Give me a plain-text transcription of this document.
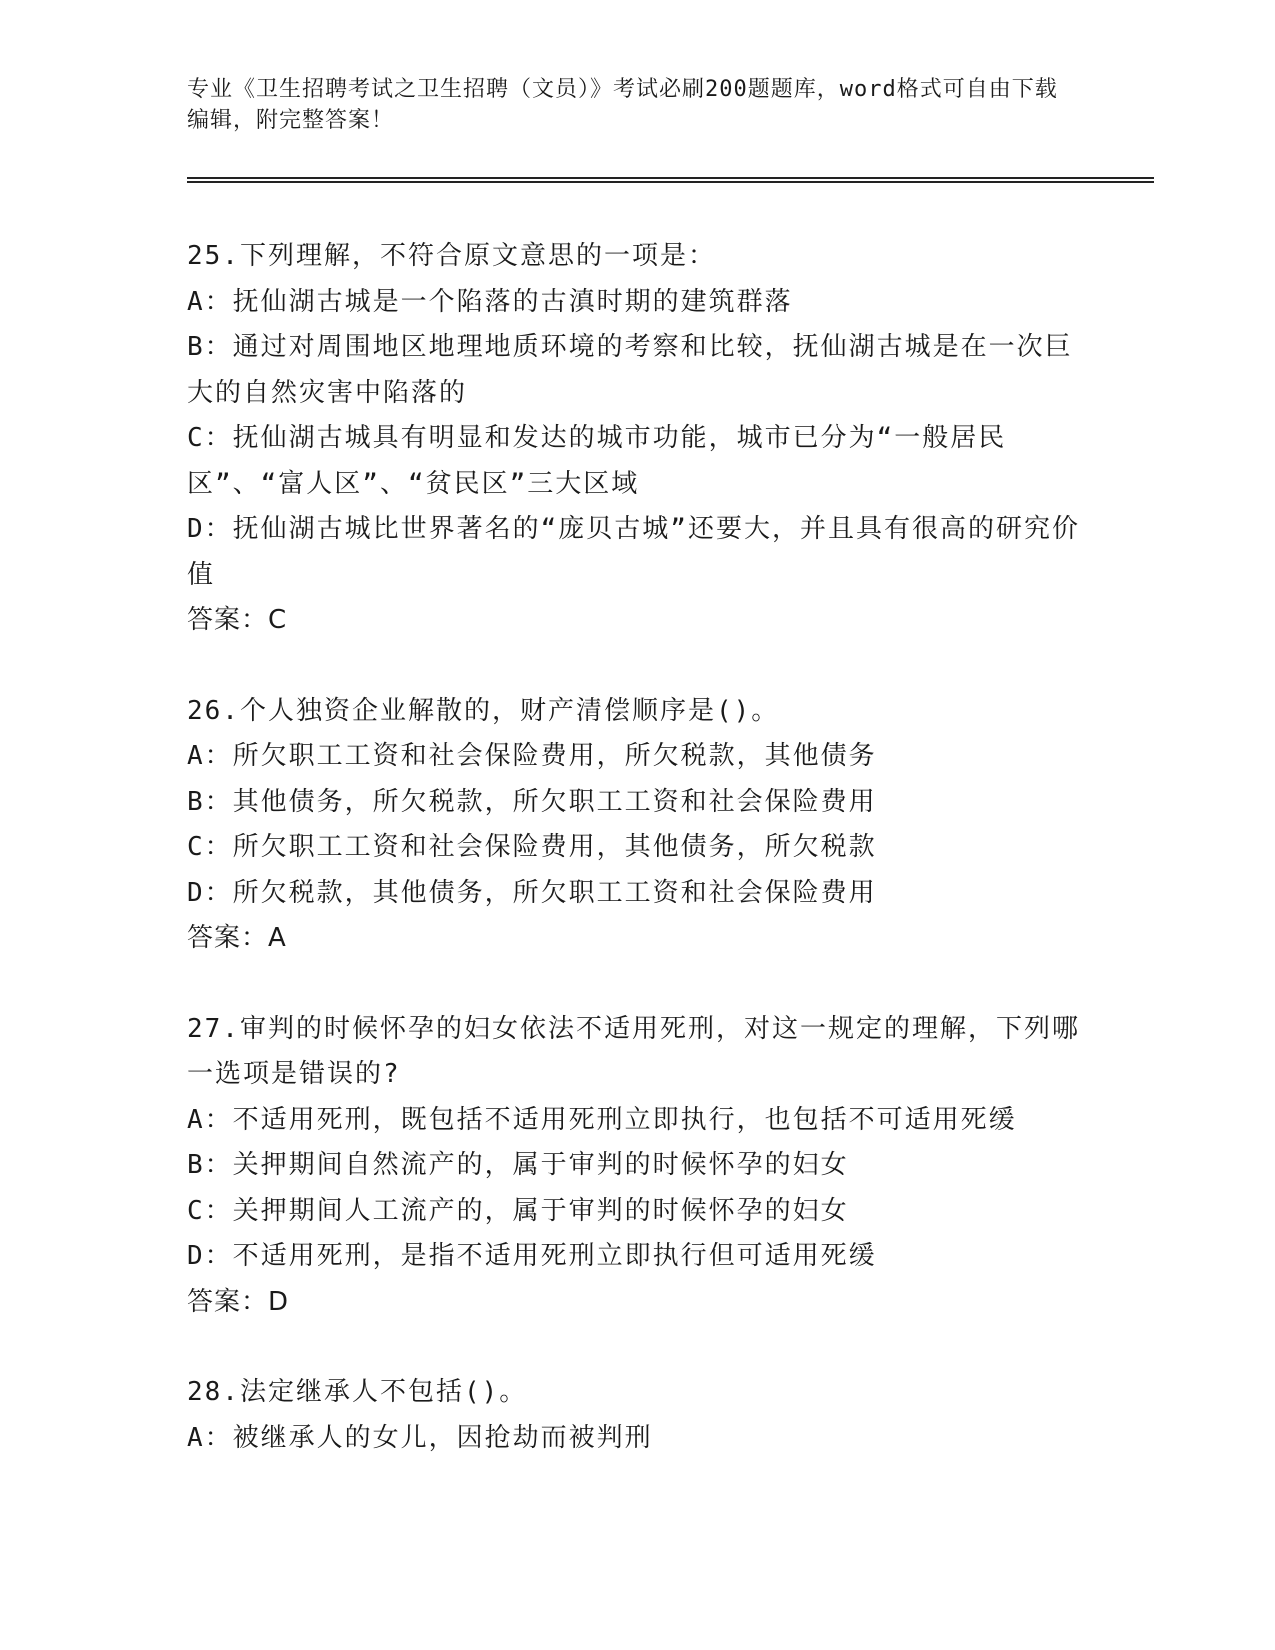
专业《卫生招聘考试之卫生招聘（文员）》考试必刷200题题库，word格式可自由下载编辑，附完整答案！
25.下列理解，不符合原文意思的一项是：
A：抚仙湖古城是一个陷落的古滇时期的建筑群落
B：通过对周围地区地理地质环境的考察和比较，抚仙湖古城是在一次巨大的自然灾害中陷落的
C：抚仙湖古城具有明显和发达的城市功能，城市已分为“一般居民区”、“富人区”、“贫民区”三大区域
D：抚仙湖古城比世界著名的“庞贝古城”还要大，并且具有很高的研究价值
答案：C
26.个人独资企业解散的，财产清偿顺序是()。
A：所欠职工工资和社会保险费用，所欠税款，其他债务
B：其他债务，所欠税款，所欠职工工资和社会保险费用
C：所欠职工工资和社会保险费用，其他债务，所欠税款
D：所欠税款，其他债务，所欠职工工资和社会保险费用
答案：A
27.审判的时候怀孕的妇女依法不适用死刑，对这一规定的理解，下列哪一选项是错误的?
A：不适用死刑，既包括不适用死刑立即执行，也包括不可适用死缓
B：关押期间自然流产的，属于审判的时候怀孕的妇女
C：关押期间人工流产的，属于审判的时候怀孕的妇女
D：不适用死刑，是指不适用死刑立即执行但可适用死缓
答案：D
28.法定继承人不包括()。
A：被继承人的女儿，因抢劫而被判刑
